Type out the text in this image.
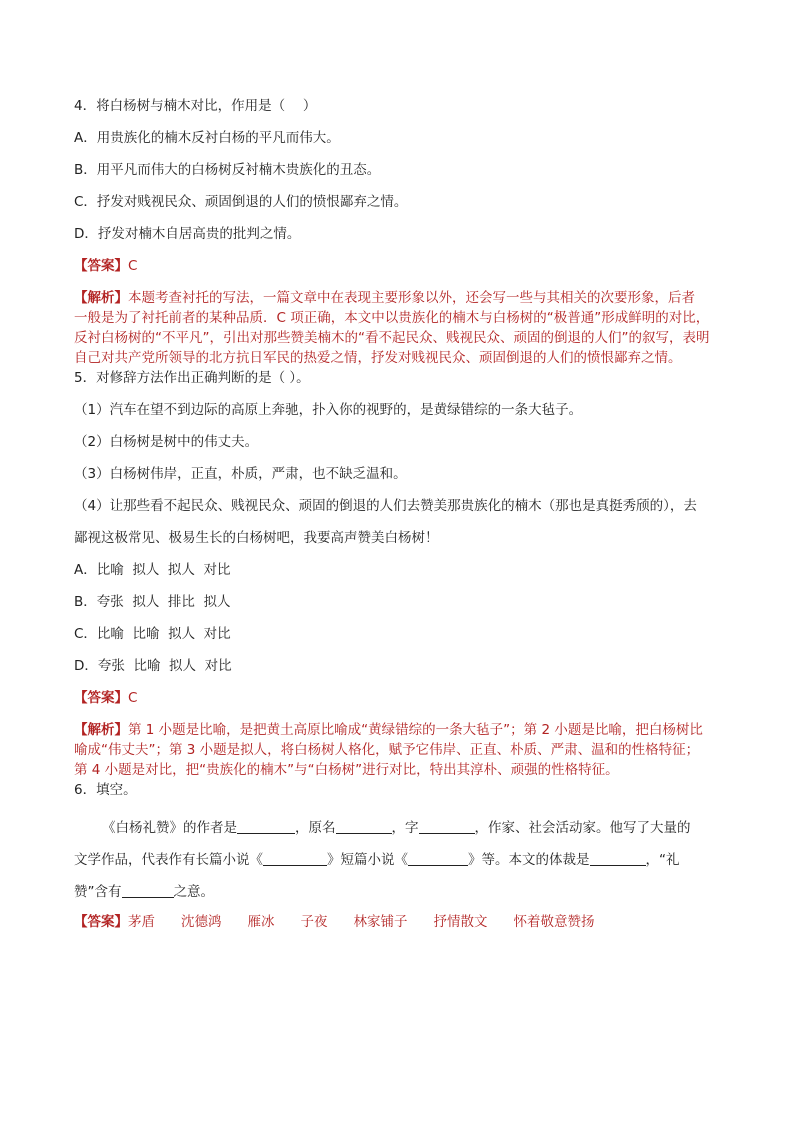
4．将白杨树与楠木对比，作用是（　 ）
A．用贵族化的楠木反衬白杨的平凡而伟大。
B．用平凡而伟大的白杨树反衬楠木贵族化的丑态。
C．抒发对贱视民众、顽固倒退的人们的愤恨鄙弃之情。
D．抒发对楠木自居高贵的批判之情。
【答案】C
【解析】本题考查衬托的写法，一篇文章中在表现主要形象以外，还会写一些与其相关的次要形象，后者
一般是为了衬托前者的某种品质．C 项正确，本文中以贵族化的楠木与白杨树的“极普通”形成鲜明的对比，
反衬白杨树的“不平凡”，引出对那些赞美楠木的“看不起民众、贱视民众、顽固的倒退的人们”的叙写，表明
自己对共产党所领导的北方抗日军民的热爱之情，抒发对贱视民众、顽固倒退的人们的愤恨鄙弃之情。
5．对修辞方法作出正确判断的是（ ）。
（1）汽车在望不到边际的高原上奔驰，扑入你的视野的，是黄绿错综的一条大毡子。
（2）白杨树是树中的伟丈夫。
（3）白杨树伟岸，正直，朴质，严肃，也不缺乏温和。
（4）让那些看不起民众、贱视民众、顽固的倒退的人们去赞美那贵族化的楠木（那也是真挺秀颀的），去
鄙视这极常见、极易生长的白杨树吧，我要高声赞美白杨树！
A．比喻  拟人  拟人  对比
B．夸张  拟人  排比  拟人
C．比喻  比喻  拟人  对比
D．夸张  比喻  拟人  对比
【答案】C
【解析】第 1 小题是比喻，是把黄土高原比喻成“黄绿错综的一条大毡子”；第 2 小题是比喻，把白杨树比
喻成“伟丈夫”；第 3 小题是拟人，将白杨树人格化，赋予它伟岸、正直、朴质、严肃、温和的性格特征；
第 4 小题是对比，把“贵族化的楠木”与“白杨树”进行对比，特出其淳朴、顽强的性格特征。
6．填空。
《白杨礼赞》的作者是	，原名	，字	，作家、社会活动家。他写了大量的
文学作品，代表作有长篇小说《	》短篇小说《	》等。本文的体裁是	，“礼
赞”含有	之意。
【答案】茅盾 沈德鸿 雁冰 子夜 林家铺子 抒情散文 怀着敬意赞扬
